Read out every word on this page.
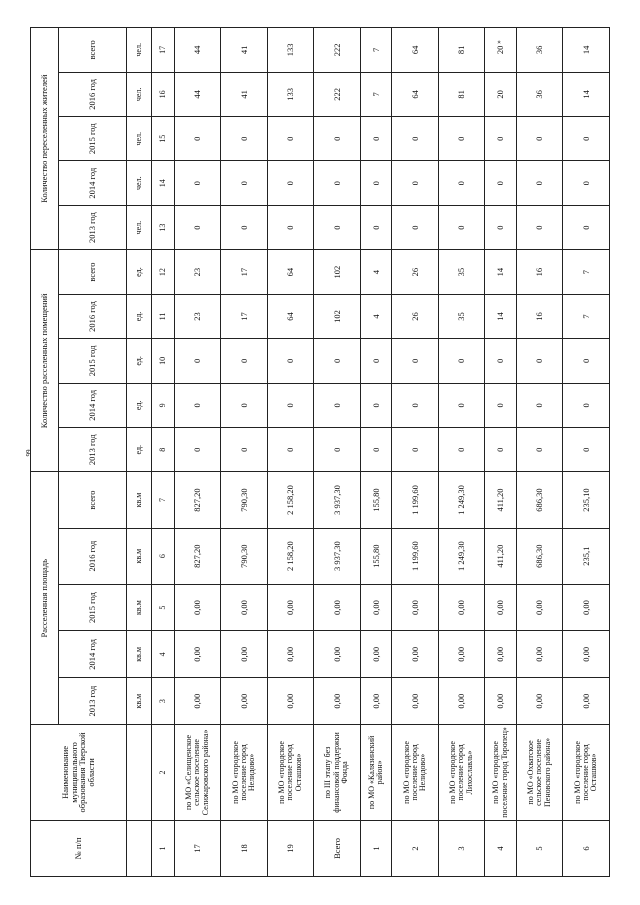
99
»
№ п/п	Наименование муниципального образования Тверской области	Расселенная площадь					Количество расселенных помещений					Количество переселенных жителей				
		2013 год	2014 год	2015 год	2016 год	всего	2013 год	2014 год	2015 год	2016 год	всего	2013 год	2014 год	2015 год	2016 год	всего
		кв.м	кв.м	кв.м	кв.м	кв.м	ед.	ед.	ед.	ед.	ед.	чел.	чел.	чел.	чел.	чел.
1	2	3	4	5	6	7	8	9	10	11	12	13	14	15	16	17
17	по МО «Селищенское сельское поселение Селижаровского района»	0,00	0,00	0,00	827,20	827,20	0	0	0	23	23	0	0	0	44	44
18	по МО «городское поселение город Нелидово»	0,00	0,00	0,00	790,30	790,30	0	0	0	17	17	0	0	0	41	41
19	по МО «городское поселение город Осташков»	0,00	0,00	0,00	2 158,20	2 158,20	0	0	0	64	64	0	0	0	133	133
Всего	по III этапу без финансовой поддержки Фонда	0,00	0,00	0,00	3 937,30	3 937,30	0	0	0	102	102	0	0	0	222	222
1	по МО «Калязинский район»	0,00	0,00	0,00	155,80	155,80	0	0	0	4	4	0	0	0	7	7
2	по МО «городское поселение город Нелидово»	0,00	0,00	0,00	1 199,60	1 199,60	0	0	0	26	26	0	0	0	64	64
3	по МО «городское поселение город Лихославль»	0,00	0,00	0,00	1 249,30	1 249,30	0	0	0	35	35	0	0	0	81	81
4	по МО «городское поселение город Торопец»	0,00	0,00	0,00	411,20	411,20	0	0	0	14	14	0	0	0	20	20
5	по МО «Охватское сельское поселение Пеновского района»	0,00	0,00	0,00	686,30	686,30	0	0	0	16	16	0	0	0	36	36
6	по МО «городское поселение город Осташков»	0,00	0,00	0,00	235,1	235,10	0	0	0	7	7	0	0	0	14	14
